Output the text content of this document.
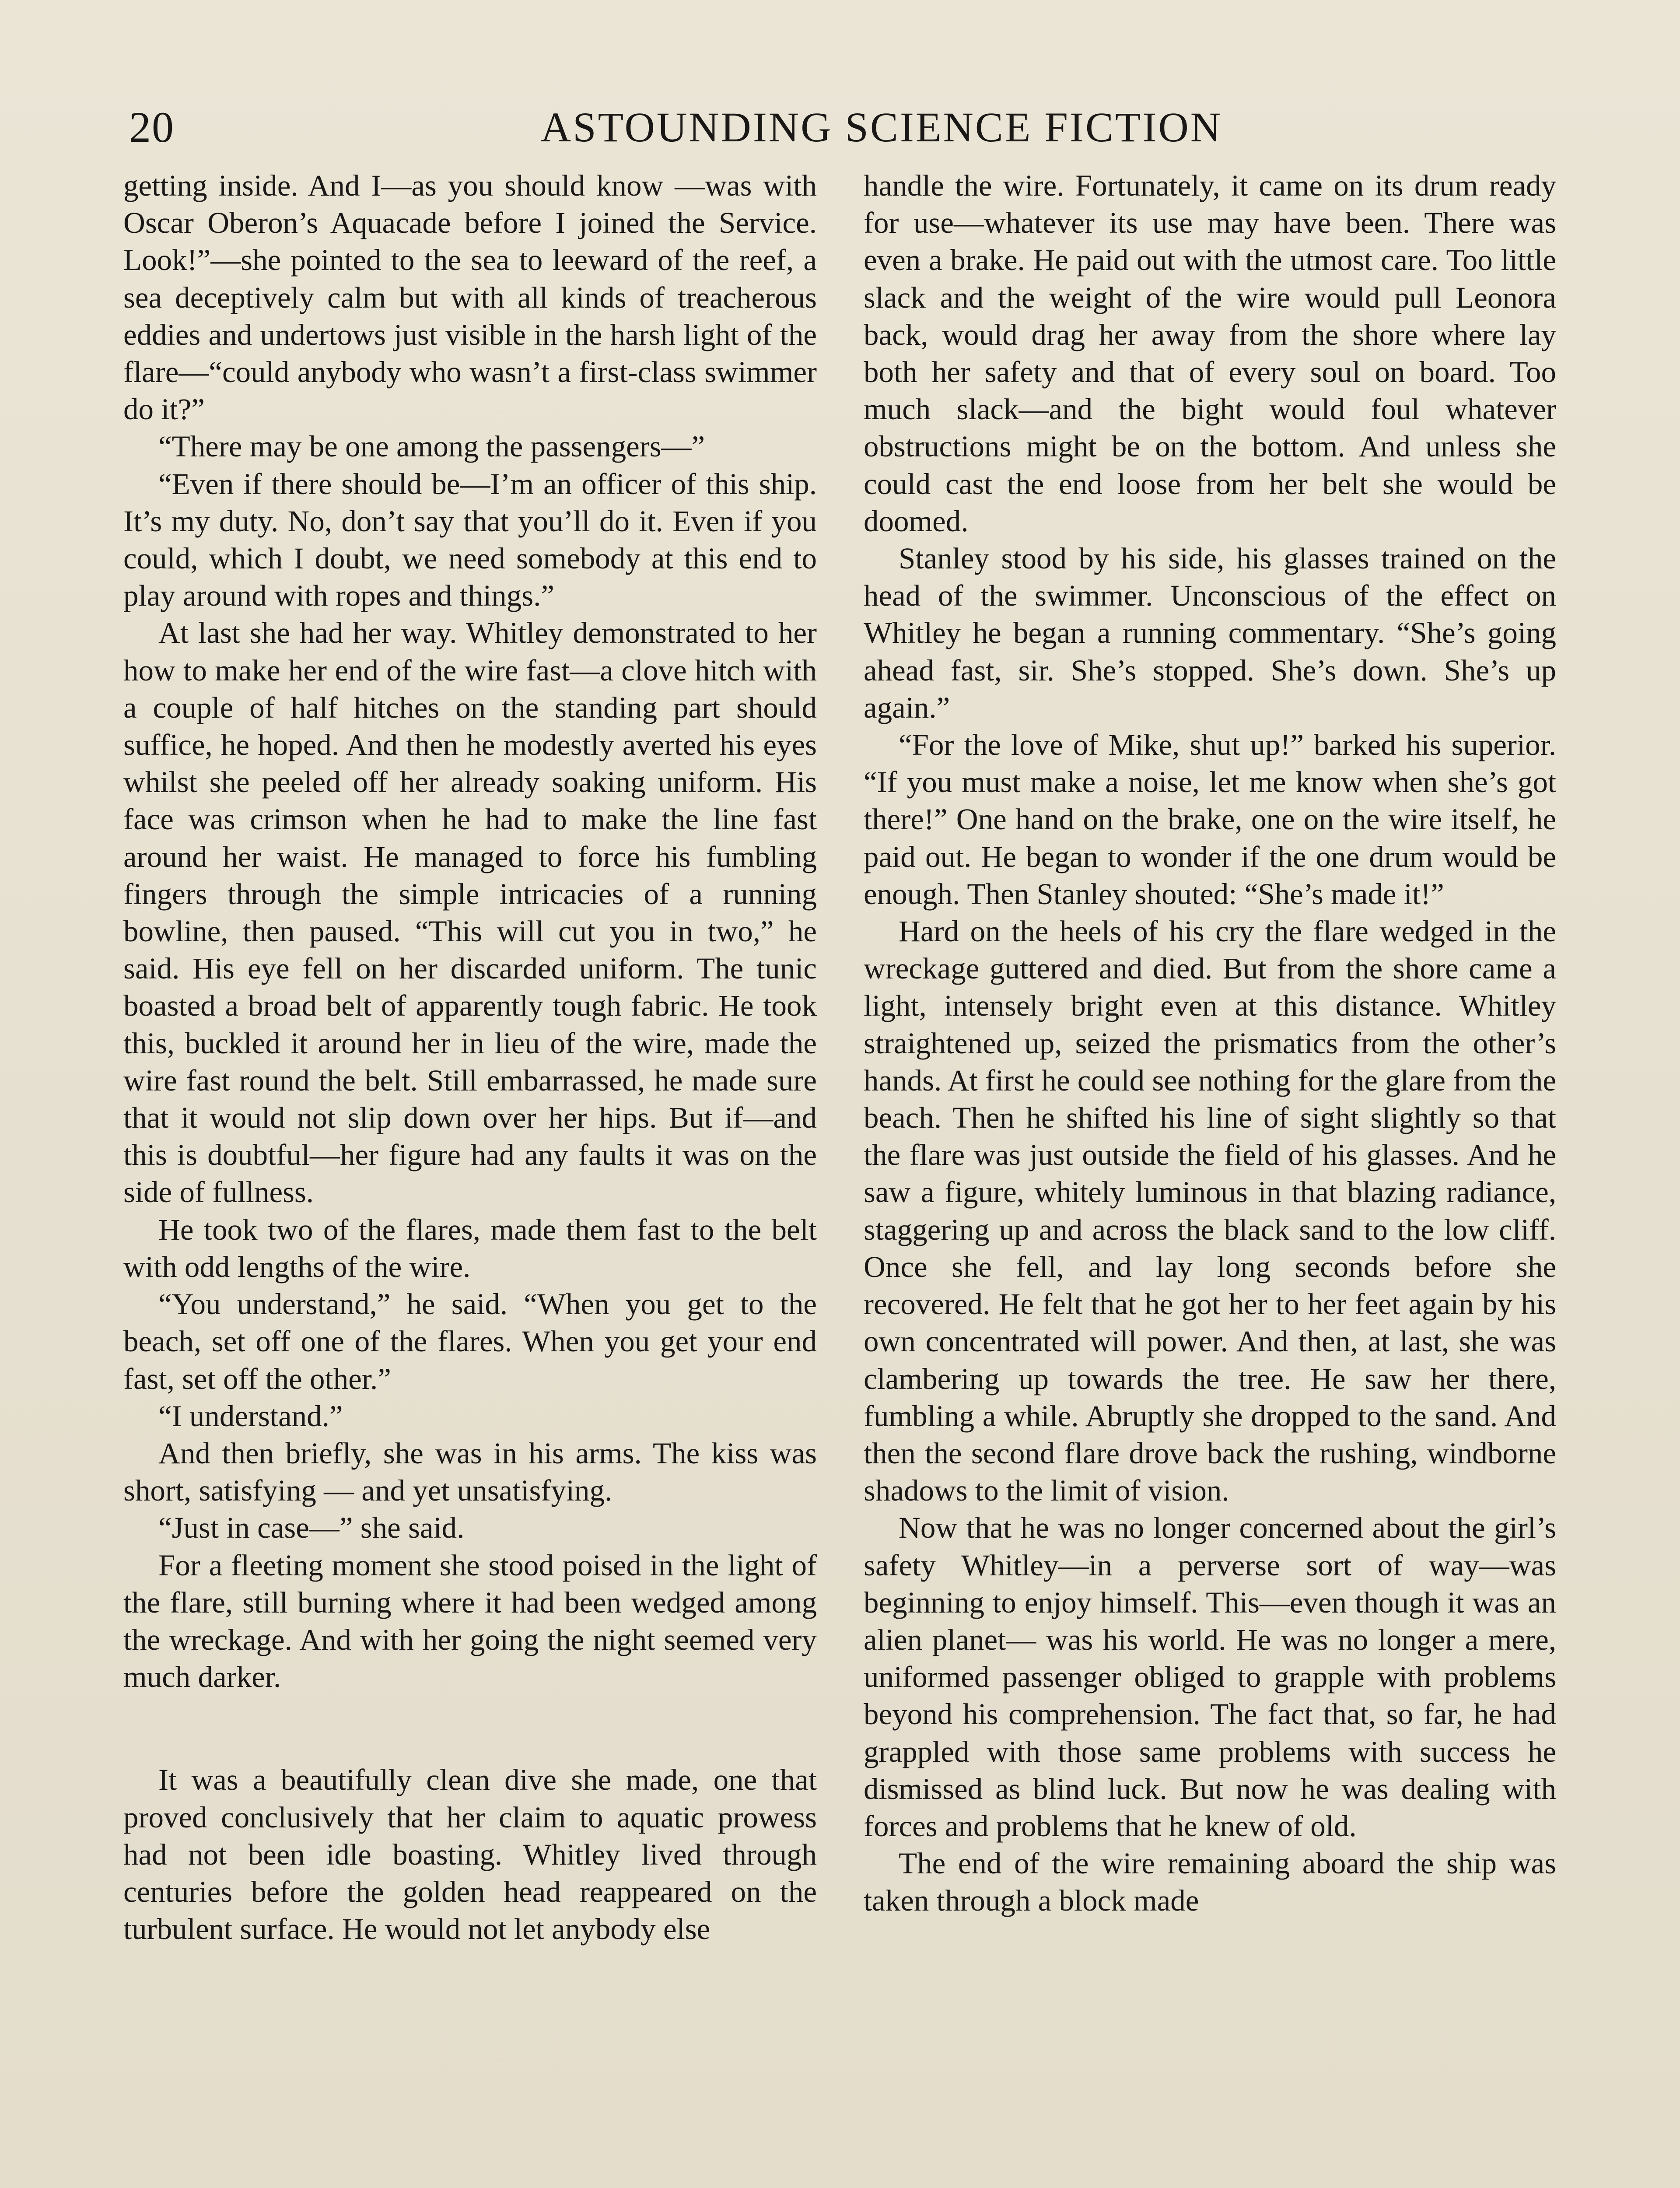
20	ASTOUNDING SCIENCE FICTION

getting inside. And I—as you should know —was with Oscar Oberon’s Aquacade before I joined the Service. Look!”—she pointed to the sea to leeward of the reef, a sea deceptively calm but with all kinds of treacherous eddies and undertows just visible in the harsh light of the flare—“could anybody who wasn’t a first-class swimmer do it?”

“There may be one among the passengers—”

“Even if there should be—I’m an officer of this ship. It’s my duty. No, don’t say that you’ll do it. Even if you could, which I doubt, we need somebody at this end to play around with ropes and things.”

At last she had her way. Whitley demonstrated to her how to make her end of the wire fast—a clove hitch with a couple of half hitches on the standing part should suffice, he hoped. And then he modestly averted his eyes whilst she peeled off her already soaking uniform. His face was crimson when he had to make the line fast around her waist. He managed to force his fumbling fingers through the simple intricacies of a running bowline, then paused. “This will cut you in two,” he said. His eye fell on her discarded uniform. The tunic boasted a broad belt of apparently tough fabric. He took this, buckled it around her in lieu of the wire, made the wire fast round the belt. Still embarrassed, he made sure that it would not slip down over her hips. But if—and this is doubtful—her figure had any faults it was on the side of fullness.

He took two of the flares, made them fast to the belt with odd lengths of the wire.

“You understand,” he said. “When you get to the beach, set off one of the flares. When you get your end fast, set off the other.”

“I understand.”

And then briefly, she was in his arms. The kiss was short, satisfying — and yet unsatisfying.

“Just in case—” she said.

For a fleeting moment she stood poised in the light of the flare, still burning where it had been wedged among the wreckage. And with her going the night seemed very much darker.

It was a beautifully clean dive she made, one that proved conclusively that her claim to aquatic prowess had not been idle boasting. Whitley lived through centuries before the golden head reappeared on the turbulent surface. He would not let anybody else

handle the wire. Fortunately, it came on its drum ready for use—whatever its use may have been. There was even a brake. He paid out with the utmost care. Too little slack and the weight of the wire would pull Leonora back, would drag her away from the shore where lay both her safety and that of every soul on board. Too much slack—and the bight would foul whatever obstructions might be on the bottom. And unless she could cast the end loose from her belt she would be doomed.

Stanley stood by his side, his glasses trained on the head of the swimmer. Unconscious of the effect on Whitley he began a running commentary. “She’s going ahead fast, sir. She’s stopped. She’s down. She’s up again.”

“For the love of Mike, shut up!” barked his superior. “If you must make a noise, let me know when she’s got there!” One hand on the brake, one on the wire itself, he paid out. He began to wonder if the one drum would be enough. Then Stanley shouted: “She’s made it!”

Hard on the heels of his cry the flare wedged in the wreckage guttered and died. But from the shore came a light, intensely bright even at this distance. Whitley straightened up, seized the prismatics from the other’s hands. At first he could see nothing for the glare from the beach. Then he shifted his line of sight slightly so that the flare was just outside the field of his glasses. And he saw a figure, whitely luminous in that blazing radiance, staggering up and across the black sand to the low cliff. Once she fell, and lay long seconds before she recovered. He felt that he got her to her feet again by his own concentrated will power. And then, at last, she was clambering up towards the tree. He saw her there, fumbling a while. Abruptly she dropped to the sand. And then the second flare drove back the rushing, windborne shadows to the limit of vision.

Now that he was no longer concerned about the girl’s safety Whitley—in a perverse sort of way—was beginning to enjoy himself. This—even though it was an alien planet— was his world. He was no longer a mere, uniformed passenger obliged to grapple with problems beyond his comprehension. The fact that, so far, he had grappled with those same problems with success he dismissed as blind luck. But now he was dealing with forces and problems that he knew of old.

The end of the wire remaining aboard the ship was taken through a block made
